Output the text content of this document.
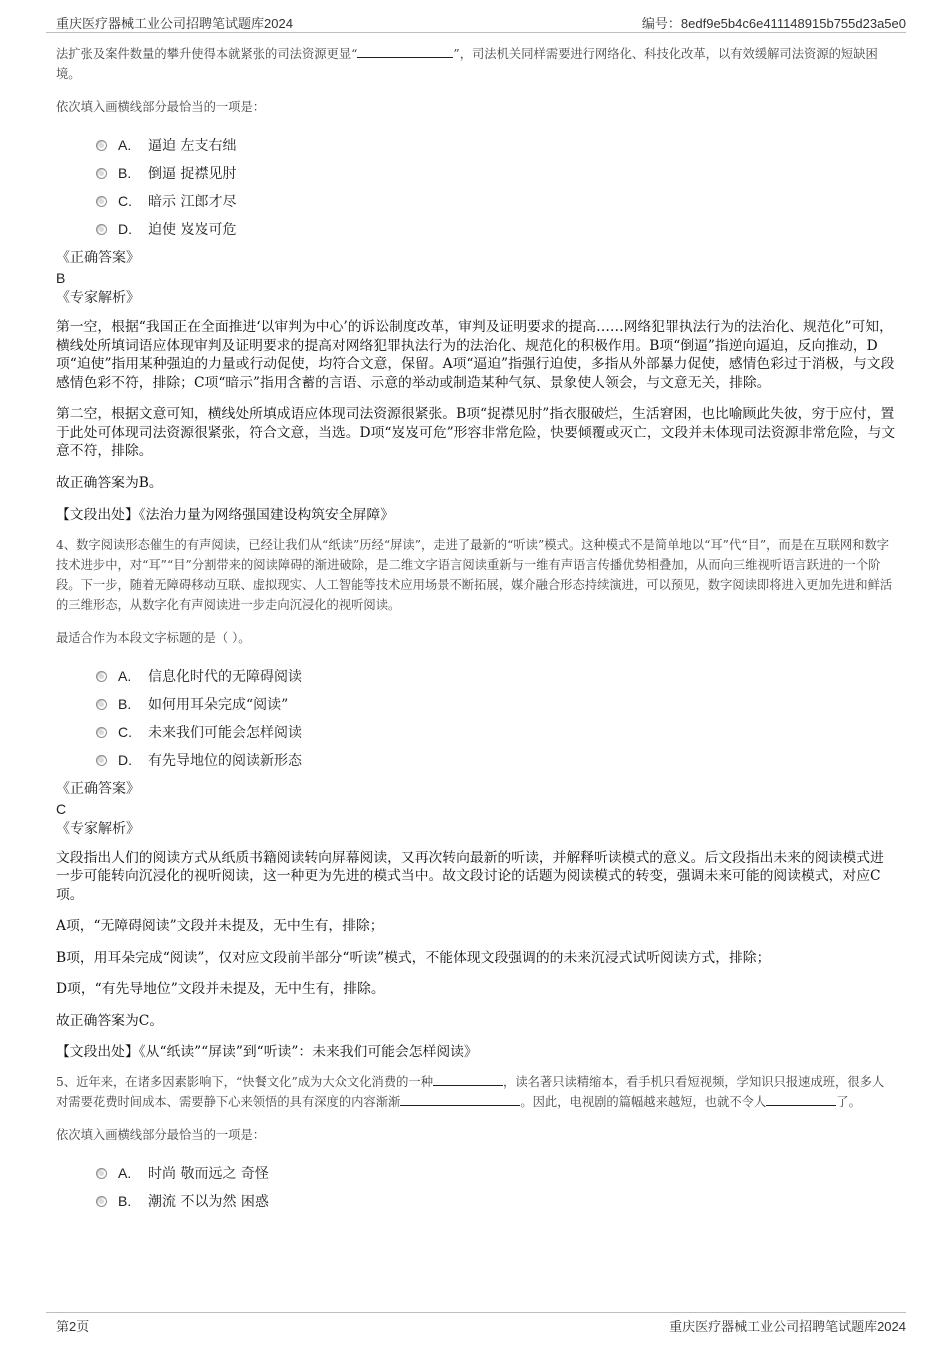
重庆医疗器械工业公司招聘笔试题库2024	编号：8edf9e5b4c6e411148915b755d23a5e0

法扩张及案件数量的攀升使得本就紧张的司法资源更显“	”，司法机关同样需要进行网络化、科技化改革，以有效缓解司法资源的短缺困境。

依次填入画横线部分最恰当的一项是：

A. 逼迫 左支右绌
B. 倒逼 捉襟见肘
C. 暗示 江郎才尽
D. 迫使 岌岌可危

《正确答案》

B

《专家解析》

第一空，根据“我国正在全面推进‘以审判为中心’的诉讼制度改革，审判及证明要求的提高……网络犯罪执法行为的法治化、规范化”可知，横线处所填词语应体现审判及证明要求的提高对网络犯罪执法行为的法治化、规范化的积极作用。B项“倒逼”指逆向逼迫，反向推动，D项“迫使”指用某种强迫的力量或行动促使，均符合文意，保留。A项“逼迫”指强行迫使，多指从外部暴力促使，感情色彩过于消极，与文段感情色彩不符，排除；C项“暗示”指用含蓄的言语、示意的举动或制造某种气氛、景象使人领会，与文意无关，排除。

第二空，根据文意可知，横线处所填成语应体现司法资源很紧张。B项“捉襟见肘”指衣服破烂，生活窘困，也比喻顾此失彼，穷于应付，置于此处可体现司法资源很紧张，符合文意，当选。D项“岌岌可危”形容非常危险，快要倾覆或灭亡，文段并未体现司法资源非常危险，与文意不符，排除。

故正确答案为B。

【文段出处】《法治力量为网络强国建设构筑安全屏障》

4、数字阅读形态催生的有声阅读，已经让我们从“纸读”历经“屏读”，走进了最新的“听读”模式。这种模式不是简单地以“耳”代“目”，而是在互联网和数字技术进步中，对“耳”“目”分割带来的阅读障碍的渐进破除，是二维文字语言阅读重新与一维有声语言传播优势相叠加，从而向三维视听语言跃进的一个阶段。下一步，随着无障碍移动互联、虚拟现实、人工智能等技术应用场景不断拓展，媒介融合形态持续演进，可以预见，数字阅读即将进入更加先进和鲜活的三维形态，从数字化有声阅读进一步走向沉浸化的视听阅读。

最适合作为本段文字标题的是（ ）。

A. 信息化时代的无障碍阅读
B. 如何用耳朵完成“阅读”
C. 未来我们可能会怎样阅读
D. 有先导地位的阅读新形态

《正确答案》

C

《专家解析》

文段指出人们的阅读方式从纸质书籍阅读转向屏幕阅读，又再次转向最新的听读，并解释听读模式的意义。后文段指出未来的阅读模式进一步可能转向沉浸化的视听阅读，这一种更为先进的模式当中。故文段讨论的话题为阅读模式的转变，强调未来可能的阅读模式，对应C项。

A项，“无障碍阅读”文段并未提及，无中生有，排除；

B项，用耳朵完成“阅读”，仅对应文段前半部分“听读”模式，不能体现文段强调的的未来沉浸式试听阅读方式，排除；

D项，“有先导地位”文段并未提及，无中生有，排除。

故正确答案为C。

【文段出处】《从“纸读”“屏读”到“听读”：未来我们可能会怎样阅读》

5、近年来，在诸多因素影响下，“快餐文化”成为大众文化消费的一种	，读名著只读精缩本，看手机只看短视频，学知识只报速成班，很多人对需要花费时间成本、需要静下心来领悟的具有深度的内容渐渐	。因此，电视剧的篇幅越来越短，也就不令人	了。

依次填入画横线部分最恰当的一项是：

A. 时尚 敬而远之 奇怪
B. 潮流 不以为然 困惑
第2页	重庆医疗器械工业公司招聘笔试题库2024
